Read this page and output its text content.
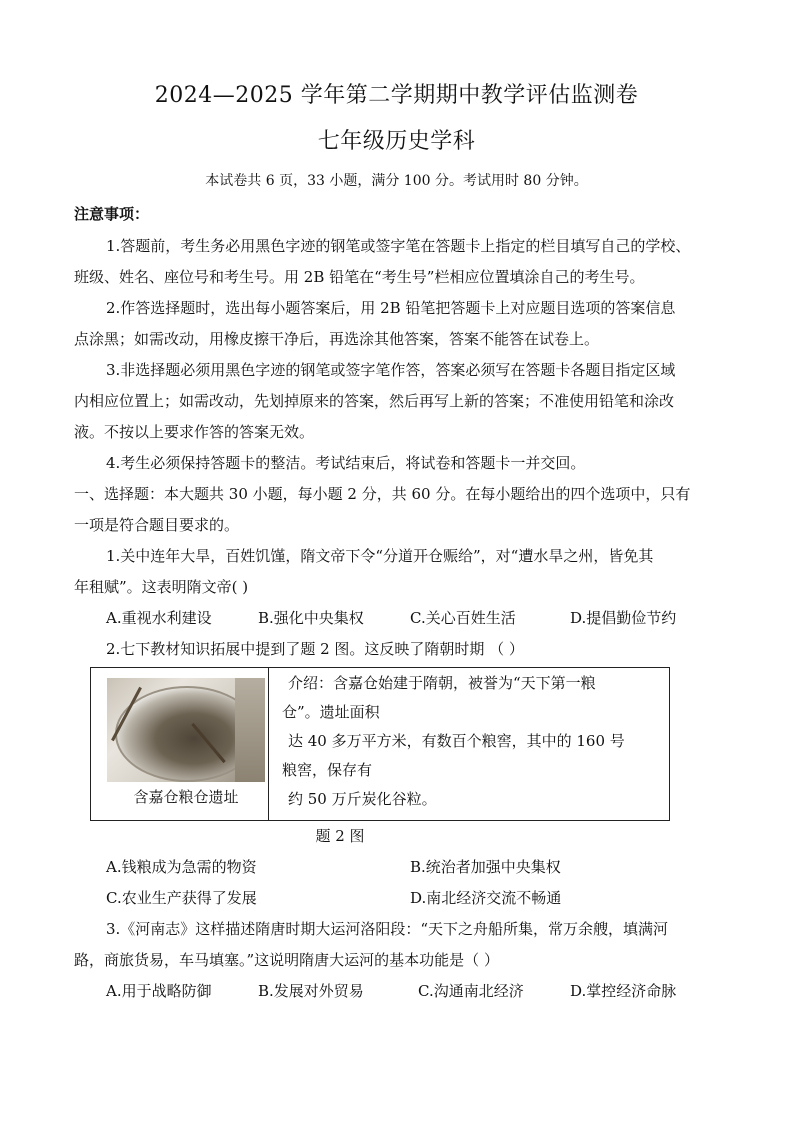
2024—2025 学年第二学期期中教学评估监测卷
七年级历史学科
本试卷共 6 页，33 小题，满分 100 分。考试用时 80 分钟。
注意事项：
1.答题前，考生务必用黑色字迹的钢笔或签字笔在答题卡上指定的栏目填写自己的学校、
班级、姓名、座位号和考生号。用 2B 铅笔在“考生号”栏相应位置填涂自己的考生号。
2.作答选择题时，选出每小题答案后，用 2B 铅笔把答题卡上对应题目选项的答案信息
点涂黑；如需改动，用橡皮擦干净后，再选涂其他答案，答案不能答在试卷上。
3.非选择题必须用黑色字迹的钢笔或签字笔作答，答案必须写在答题卡各题目指定区域
内相应位置上；如需改动，先划掉原来的答案，然后再写上新的答案；不准使用铅笔和涂改
液。不按以上要求作答的答案无效。
4.考生必须保持答题卡的整洁。考试结束后，将试卷和答题卡一并交回。
一、选择题：本大题共 30 小题，每小题 2 分，共 60 分。在每小题给出的四个选项中，只有
一项是符合题目要求的。
1.关中连年大旱，百姓饥馑，隋文帝下令“分道开仓赈给”，对“遭水旱之州，皆免其
年租赋”。这表明隋文帝( )
A.重视水利建设	B.强化中央集权	C.关心百姓生活	D.提倡勤俭节约
2.七下教材知识拓展中提到了题 2 图。这反映了隋朝时期 （ ）
含嘉仓粮仓遗址
介绍：含嘉仓始建于隋朝，被誉为“天下第一粮
仓”。遗址面积
达 40 多万平方米，有数百个粮窖，其中的 160 号
粮窖，保存有
约 50 万斤炭化谷粒。
题 2 图
A.钱粮成为急需的物资	B.统治者加强中央集权
C.农业生产获得了发展	D.南北经济交流不畅通
3.《河南志》这样描述隋唐时期大运河洛阳段：“天下之舟船所集，常万余艘，填满河
路，商旅货易，车马填塞。”这说明隋唐大运河的基本功能是（ ）
A.用于战略防御	B.发展对外贸易	C.沟通南北经济	D.掌控经济命脉
